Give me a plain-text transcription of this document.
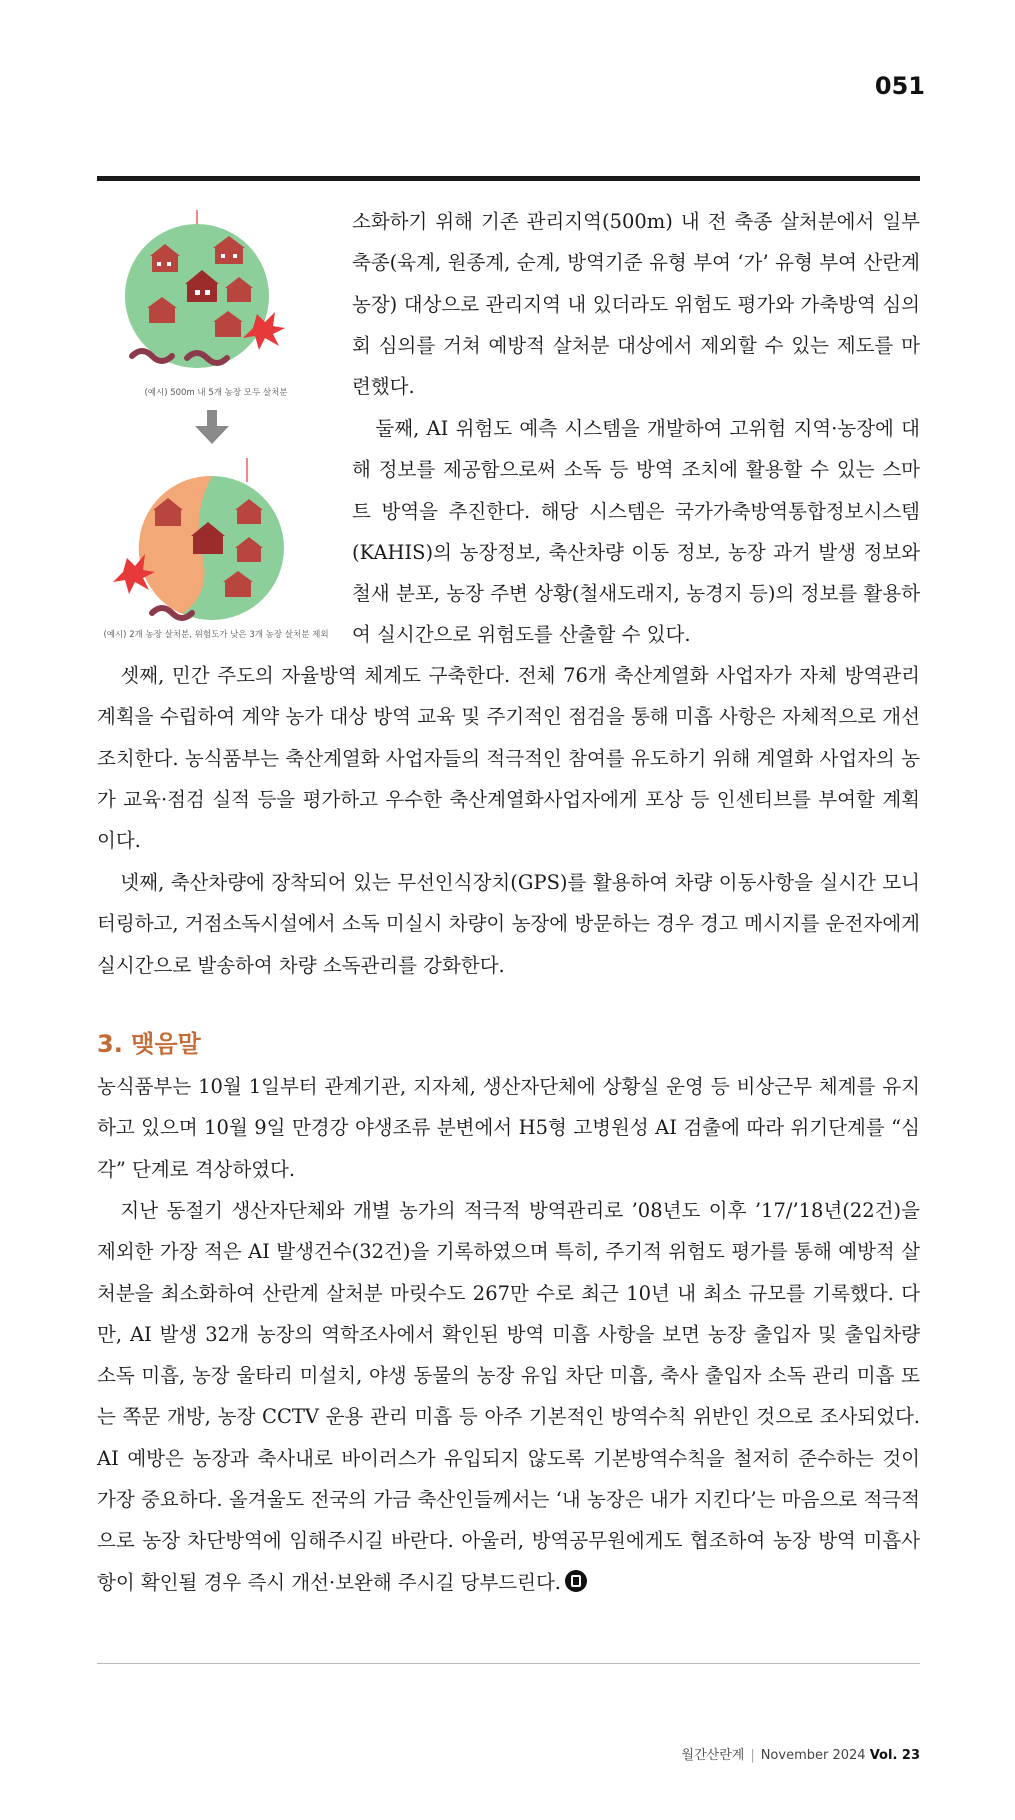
051
(예시) 500m 내 5개 농장 모두 살처분
(예시) 2개 농장 살처분, 위험도가 낮은 3개 농장 살처분 제외

소화하기 위해 기존 관리지역(500m) 내 전 축종 살처분에서 일부 축종(육계, 원종계, 순계, 방역기준 유형 부여 ‘가’ 유형 부여 산란계 농장) 대상으로 관리지역 내 있더라도 위험도 평가와 가축방역 심의회 심의를 거쳐 예방적 살처분 대상에서 제외할 수 있는 제도를 마련했다.

둘째, AI 위험도 예측 시스템을 개발하여 고위험 지역·농장에 대해 정보를 제공함으로써 소독 등 방역 조치에 활용할 수 있는 스마트 방역을 추진한다. 해당 시스템은 국가가축방역통합정보시스템(KAHIS)의 농장정보, 축산차량 이동 정보, 농장 과거 발생 정보와 철새 분포, 농장 주변 상황(철새도래지, 농경지 등)의 정보를 활용하여 실시간으로 위험도를 산출할 수 있다.

셋째, 민간 주도의 자율방역 체계도 구축한다. 전체 76개 축산계열화 사업자가 자체 방역관리 계획을 수립하여 계약 농가 대상 방역 교육 및 주기적인 점검을 통해 미흡 사항은 자체적으로 개선 조치한다. 농식품부는 축산계열화 사업자들의 적극적인 참여를 유도하기 위해 계열화 사업자의 농가 교육·점검 실적 등을 평가하고 우수한 축산계열화사업자에게 포상 등 인센티브를 부여할 계획이다.

넷째, 축산차량에 장착되어 있는 무선인식장치(GPS)를 활용하여 차량 이동사항을 실시간 모니터링하고, 거점소독시설에서 소독 미실시 차량이 농장에 방문하는 경우 경고 메시지를 운전자에게 실시간으로 발송하여 차량 소독관리를 강화한다.

3. 맺음말

농식품부는 10월 1일부터 관계기관, 지자체, 생산자단체에 상황실 운영 등 비상근무 체계를 유지하고 있으며 10월 9일 만경강 야생조류 분변에서 H5형 고병원성 AI 검출에 따라 위기단계를 “심각” 단계로 격상하였다.

지난 동절기 생산자단체와 개별 농가의 적극적 방역관리로 ’08년도 이후 ’17/’18년(22건)을 제외한 가장 적은 AI 발생건수(32건)을 기록하였으며 특히, 주기적 위험도 평가를 통해 예방적 살처분을 최소화하여 산란계 살처분 마릿수도 267만 수로 최근 10년 내 최소 규모를 기록했다. 다만, AI 발생 32개 농장의 역학조사에서 확인된 방역 미흡 사항을 보면 농장 출입자 및 출입차량 소독 미흡, 농장 울타리 미설치, 야생 동물의 농장 유입 차단 미흡, 축사 출입자 소독 관리 미흡 또는 쪽문 개방, 농장 CCTV 운용 관리 미흡 등 아주 기본적인 방역수칙 위반인 것으로 조사되었다. AI 예방은 농장과 축사내로 바이러스가 유입되지 않도록 기본방역수칙을 철저히 준수하는 것이 가장 중요하다. 올겨울도 전국의 가금 축산인들께서는 ‘내 농장은 내가 지킨다’는 마음으로 적극적으로 농장 차단방역에 임해주시길 바란다. 아울러, 방역공무원에게도 협조하여 농장 방역 미흡사항이 확인될 경우 즉시 개선·보완해 주시길 당부드린다.

월간산란계 | November 2024 Vol. 23
